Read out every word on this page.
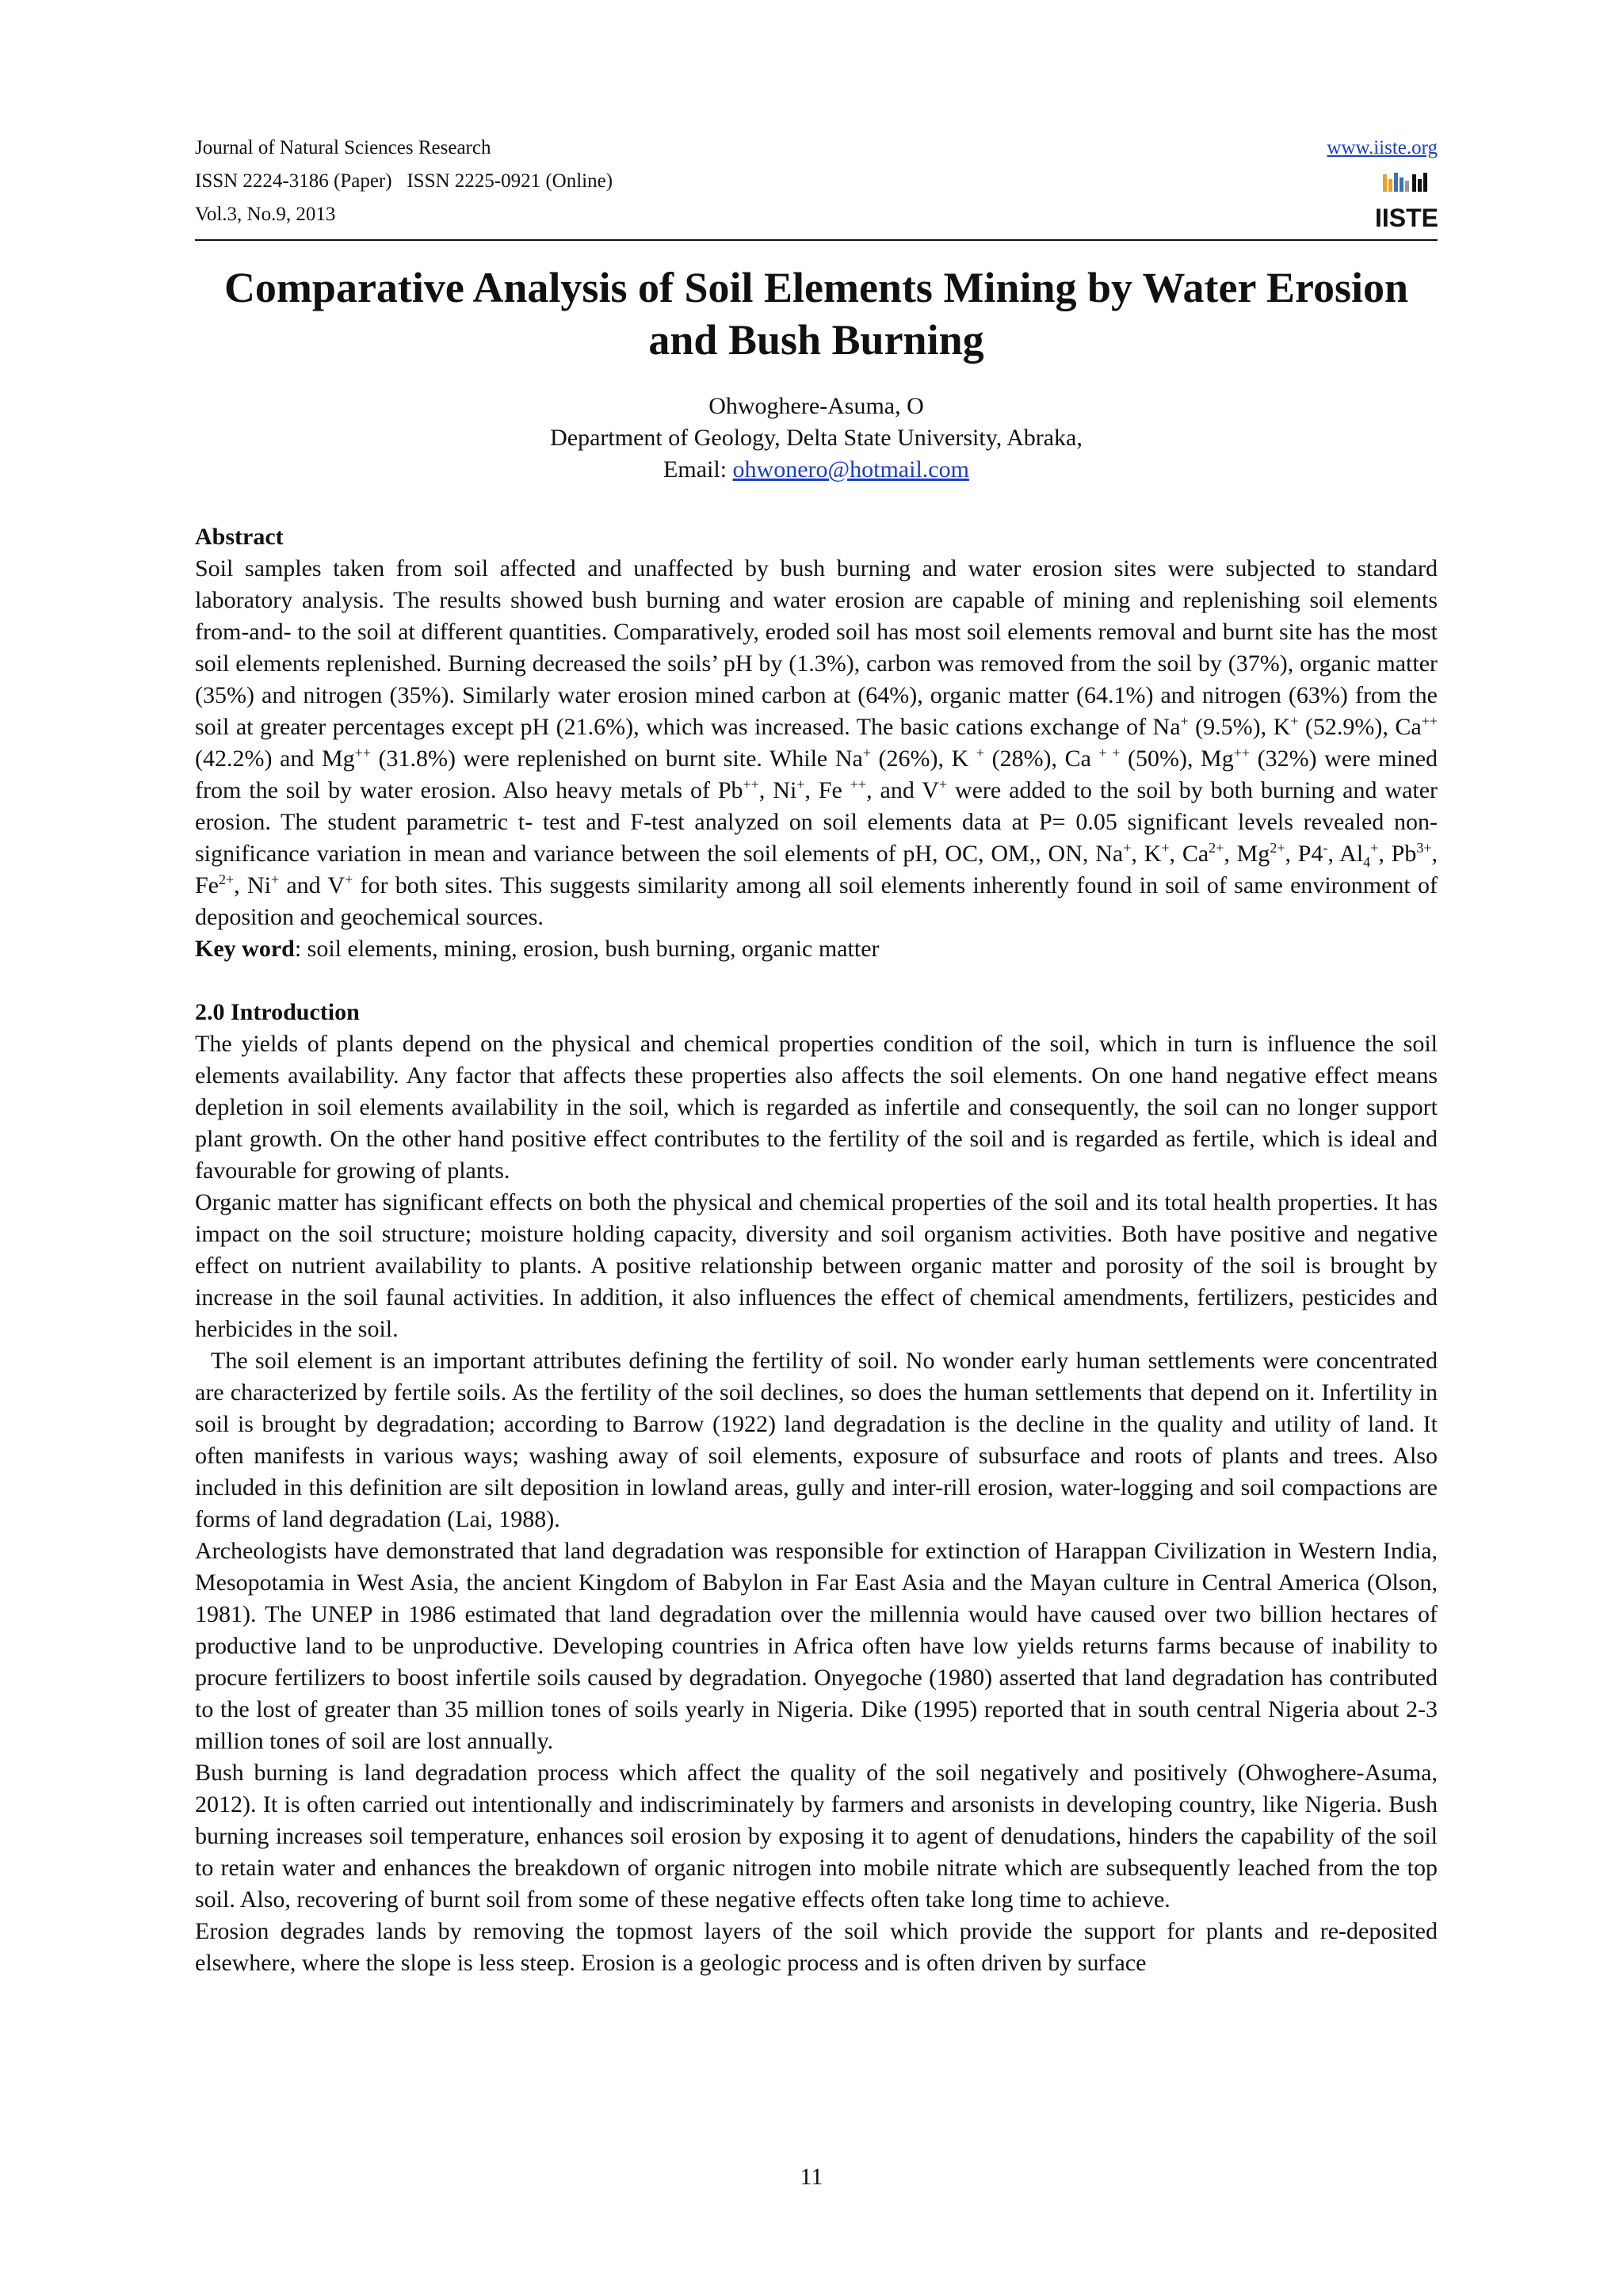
Journal of Natural Sciences Research
ISSN 2224-3186 (Paper)   ISSN 2225-0921 (Online)
Vol.3, No.9, 2013
www.iiste.org
IISTE
Comparative Analysis of Soil Elements Mining by Water Erosion
and Bush Burning
Ohwoghere-Asuma, O
Department of Geology, Delta State University, Abraka,
Email: ohwonero@hotmail.com

Abstract

Soil samples taken from soil affected and unaffected by bush burning and water erosion sites were subjected to standard laboratory analysis. The results showed bush burning and water erosion are capable of mining and replenishing soil elements from-and- to the soil at different quantities. Comparatively, eroded soil has most soil elements removal and burnt site has the most soil elements replenished. Burning decreased the soils’ pH by (1.3%), carbon was removed from the soil by (37%), organic matter (35%) and nitrogen (35%). Similarly water erosion mined carbon at (64%), organic matter (64.1%) and nitrogen (63%) from the soil at greater percentages except pH (21.6%), which was increased. The basic cations exchange of Na+ (9.5%), K+ (52.9%), Ca++ (42.2%) and Mg++ (31.8%) were replenished on burnt site. While Na+ (26%), K + (28%), Ca + + (50%), Mg++ (32%) were mined from the soil by water erosion. Also heavy metals of Pb++, Ni+, Fe ++, and V+ were added to the soil by both burning and water erosion. The student parametric t- test and F-test analyzed on soil elements data at P= 0.05 significant levels revealed non-significance variation in mean and variance between the soil elements of pH, OC, OM,, ON, Na+, K+, $Ca^{2+}$, $Mg^{2+}$, P4-, $Al_4^+$, $Pb^{3+}$, $Fe^{2+}$, Ni+ and V+ for both sites. This suggests similarity among all soil elements inherently found in soil of same environment of deposition and geochemical sources.

Key word: soil elements, mining, erosion, bush burning, organic matter

2.0 Introduction

The yields of plants depend on the physical and chemical properties condition of the soil, which in turn is influence the soil elements availability. Any factor that affects these properties also affects the soil elements. On one hand negative effect means depletion in soil elements availability in the soil, which is regarded as infertile and consequently, the soil can no longer support plant growth. On the other hand positive effect contributes to the fertility of the soil and is regarded as fertile, which is ideal and favourable for growing of plants.

Organic matter has significant effects on both the physical and chemical properties of the soil and its total health properties. It has impact on the soil structure; moisture holding capacity, diversity and soil organism activities. Both have positive and negative effect on nutrient availability to plants. A positive relationship between organic matter and porosity of the soil is brought by increase in the soil faunal activities. In addition, it also influences the effect of chemical amendments, fertilizers, pesticides and herbicides in the soil.

The soil element is an important attributes defining the fertility of soil. No wonder early human settlements were concentrated are characterized by fertile soils. As the fertility of the soil declines, so does the human settlements that depend on it. Infertility in soil is brought by degradation; according to Barrow (1922) land degradation is the decline in the quality and utility of land. It often manifests in various ways; washing away of soil elements, exposure of subsurface and roots of plants and trees. Also included in this definition are silt deposition in lowland areas, gully and inter-rill erosion, water-logging and soil compactions are forms of land degradation (Lai, 1988).

Archeologists have demonstrated that land degradation was responsible for extinction of Harappan Civilization in Western India, Mesopotamia in West Asia, the ancient Kingdom of Babylon in Far East Asia and the Mayan culture in Central America (Olson, 1981). The UNEP in 1986 estimated that land degradation over the millennia would have caused over two billion hectares of productive land to be unproductive. Developing countries in Africa often have low yields returns farms because of inability to procure fertilizers to boost infertile soils caused by degradation. Onyegoche (1980) asserted that land degradation has contributed to the lost of greater than 35 million tones of soils yearly in Nigeria. Dike (1995) reported that in south central Nigeria about 2-3 million tones of soil are lost annually.

Bush burning is land degradation process which affect the quality of the soil negatively and positively (Ohwoghere-Asuma, 2012). It is often carried out intentionally and indiscriminately by farmers and arsonists in developing country, like Nigeria. Bush burning increases soil temperature, enhances soil erosion by exposing it to agent of denudations, hinders the capability of the soil to retain water and enhances the breakdown of organic nitrogen into mobile nitrate which are subsequently leached from the top soil. Also, recovering of burnt soil from some of these negative effects often take long time to achieve.

Erosion degrades lands by removing the topmost layers of the soil which provide the support for plants and re-deposited elsewhere, where the slope is less steep. Erosion is a geologic process and is often driven by surface

11
